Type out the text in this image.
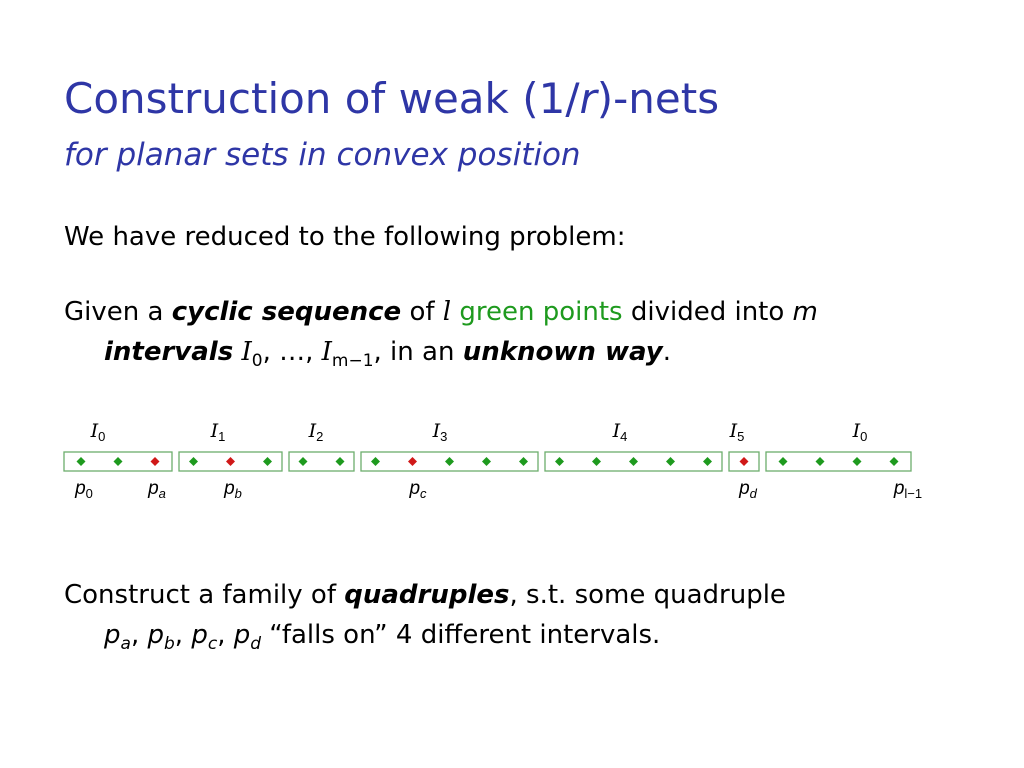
Construction of weak (1/r)-nets
for planar sets in convex position
We have reduced to the following problem:
Given a cyclic sequence of l green points divided into m
intervals $I_0$, …, $I_{m-1}$, in an unknown way.
$I_0$	$I_1$	$I_2$	$I_3$	$I_4$	$I_5$	$I_0$
$p_0$	$p_a$	$p_b$	$p_c$	$p_d$	$p_{l-1}$
Construct a family of quadruples, s.t. some quadruple
$p_a$, $p_b$, $p_c$, $p_d$ “falls on” 4 different intervals.
